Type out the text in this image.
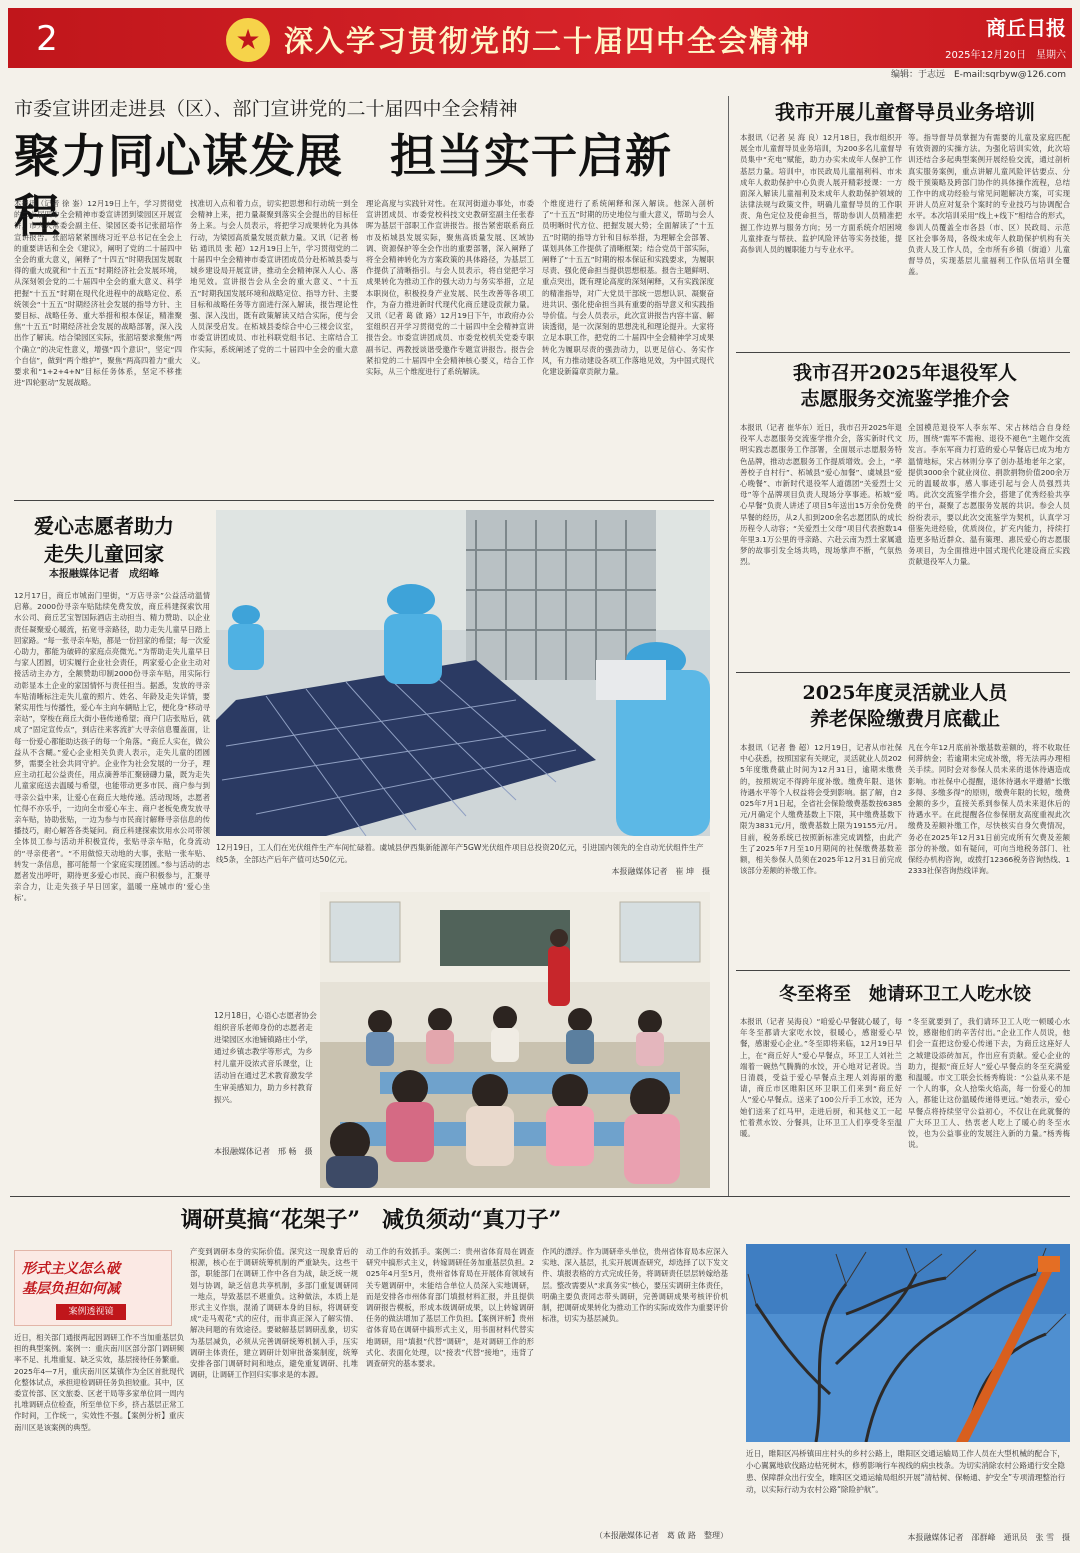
2	★ 深入学习贯彻党的二十届四中全会精神	商丘日报
2025年12月20日　星期六
编辑：于志远　E-mail:sqrbyw@126.com
市委宣讲团走进县（区）、部门宣讲党的二十届四中全会精神
聚力同心谋发展　担当实干启新程
本报讯（记者 徐 崟）12月19日上午，学习贯彻党的二十届四中全会精神市委宣讲团到梁园区开展宣讲，市人大常委会副主任、梁园区委书记张韶培作宣讲报告。张韶培紧紧围绕习近平总书记在全会上的重要讲话和全会《建议》，阐明了党的二十届四中全会的重大意义，阐释了“十四五”时期我国发展取得的重大成就和“十五五”时期经济社会发展环境，从深刻领会党的二十届四中全会的重大意义、科学把握“十五五”时期在现代化进程中的战略定位、系统领会“十五五”时期经济社会发展的指导方针、主要目标、战略任务、重大举措和根本保证，精准聚焦“十五五”时期经济社会发展的战略部署，深入浅出作了解读。结合梁园区实际，张韶培要求聚焦“两个确立”的决定性意义，增强“四个意识”，坚定“四个自信”，做到“两个维护”，聚焦“两高四着力”重大要求和“1+2+4+N”目标任务体系，坚定不移推进“四轮驱动”发展战略。
找准切入点和着力点，切实把思想和行动统一到全会精神上来，把力量凝聚到落实全会提出的目标任务上来。与会人员表示，将把学习成果转化为具体行动，为梁园高质量发展贡献力量。又讯（记者 杨 钻 通讯员 张 超）12月19日上午，学习贯彻党的二十届四中全会精神市委宣讲团成员分赴柘城县委与城乡建设局开展宣讲，推动全会精神深入人心、落地见效。宣讲报告会从全会的重大意义、“十五五”时期我国发展环境和战略定位、指导方针、主要目标和战略任务等方面进行深入解读，报告理论性强、深入浅出，既有政策解读又结合实际，使与会人员深受启发。在柘城县委综合中心三楼会议室，市委宣讲团成员、市社科联党组书记、主席结合工作实际，系统阐述了党的二十届四中全会的重大意义。
理论高度与实践针对性。在双河街道办事处，市委宣讲团成员、市委党校科技文史教研室副主任张春晖为基层干部职工作宣讲报告。报告紧密联系商丘市及柘城县发展实际，聚焦高质量发展、区域协调、资源保护等全会作出的重要部署，深入阐释了将全会精神转化为方案政策的具体路径，为基层工作提供了清晰指引。与会人员表示，将自觉把学习成果转化为推动工作的强大动力与务实举措，立足本职岗位，积极投身产业发展、民生改善等各项工作，为奋力推进新时代现代化商丘建设贡献力量。又讯（记者 葛 啟 路）12月19日下午，市政府办公室组织召开学习贯彻党的二十届四中全会精神宣讲报告会。市委宣讲团成员、市委党校机关党委专职副书记、两教授谈谐受邀作专题宣讲报告。报告会紧扣党的二十届四中全会精神核心要义，结合工作实际，从三个维度进行了系统解读。
个维度进行了系统阐释和深入解读。他深入剖析了“十五五”时期的历史地位与重大意义，帮助与会人员明晰时代方位、把握发展大势；全面解读了“十五五”时期的指导方针和目标举措，为理解全会部署、谋划具体工作提供了清晰框架；结合党员干部实际，阐释了“十五五”时期的根本保证和实践要求，为履职尽责、强化使命担当提供思想根基。报告主题鲜明、重点突出，既有理论高度的深刻阐释，又有实践深度的精准指导，对广大党员干部统一思想认识、凝聚奋进共识、强化使命担当具有重要的指导意义和实践指导价值。与会人员表示，此次宣讲报告内容丰富、解读透彻，是一次深刻的思想洗礼和理论提升。大家将立足本职工作，把党的二十届四中全会精神学习成果转化为履职尽责的强劲动力，以更足信心、务实作风，有力推动建设各项工作落地见效，为中国式现代化建设新篇章贡献力量。
爱心志愿者助力
走失儿童回家
本报融媒体记者　成绍峰
12月17日，商丘市城南门里街，“万店寻亲”公益活动温情启幕。2000份寻亲车贴陆续免费发放，商丘科建探索饮用水公司、商丘艺宝智国际酒店主动担当、精力赞助、以企业责任凝聚爱心暖流，拓宽寻亲路径，助力走失儿童早日踏上回家路。“每一张寻亲车贴，都是一份回家的希望；每一次爱心助力，都能为破碎的家庭点亮微光。”为帮助走失儿童早日与家人团圆，切实履行企业社会责任，两家爱心企业主动对接活动主办方，全额赞助印制2000份寻亲车贴，用实际行动彰显本土企业的家国情怀与责任担当。据悉，发放的寻亲车贴清晰标注走失儿童的照片、姓名、年龄及走失详情，要紧实用性与传播性，爱心车主向车辆贴上它，便化身“移动寻亲站”，穿梭在商丘大街小巷传递希望；商户门店张贴后，就成了“固定宣传点”，到店往来客流扩大寻亲信息覆盖面，让每一份爱心都能助达孩子的每一个角落。“商丘人实在，做公益从不含糊。”爱心企业相关负责人表示，走失儿童的团圆梦，需要全社会共同守护。企业作为社会发展的一分子，理应主动扛起公益责任，用点滴善举汇聚磅礴力量，既为走失儿童家庭送去温暖与希望，也能带动更多市民、商户参与到寻亲公益中来，让爱心在商丘大地传递。活动现场，志愿者忙得不亦乐乎，一边向全市爱心车主、商户老板免费发放寻亲车贴，协助张贴，一边为参与市民商讨解释寻亲信息的传播技巧，耐心解答各类疑问。商丘科建探索饮用水公司带领全体员工参与活动并积极宣传，张贴寻亲车贴，化身流动的“寻亲使者”。“不用做惊天动地的大事，张贴一张车贴、转发一条信息，都可能帮一个家庭实现团圆。”参与活动的志愿者发出呼吁，期待更多爱心市民、商户积极参与，汇聚寻亲合力，让走失孩子早日回家，温暖一座城市的‘爱心坐标’。
12月19日，工人们在光伏组件生产车间忙碌着。虞城县伊西集新能源年产5GW光伏组件项目总投资20亿元，引进国内领先的全自动光伏组件生产线5条，全部达产后年产值可达50亿元。
本报融媒体记者　崔 坤　摄
12月18日，心语心志愿者协会组织音乐老师身份的志愿者走进梁园区水池铺镇路庄小学，通过乡镇志教学等形式，为乡村儿童开设浓式音乐课堂，让活动旨在通过艺术教育激发学生审美感知力，助力乡村教育振兴。
本报融媒体记者　邢 畅　摄
我市开展儿童督导员业务培训
本报讯（记者 吴 海 良）12月18日，我市组织开展全市儿童督导员业务培训，为200多名儿童督导员集中“充电”赋能，助力办实未成年人保护工作基层力量。培训中，市民政局儿童福利科、市未成年人救助保护中心负责人展开精彩授课：一方面深入解读儿童福利及未成年人救助保护领域的法律法规与政策文件，明确儿童督导员的工作职责、角色定位及使命担当，帮助参训人员精准把握工作边界与服务方向；另一方面系统介绍困境儿童排查与帮扶、监护风险评估等实务技能，提高参训人员的履职能力与专业水平。
等。指导督导员掌握为有需要的儿童及家庭匹配有效资源的实操方法。为强化培训实效，此次培训还结合多起典型案例开展经验交流，通过剖析真实服务案例，重点讲解儿童风险评估要点、分级干预策略及跨部门协作的具体操作流程，总结工作中的成功经验与常见问题解决方案，可实现开讲人员应对复杂个案时的专业技巧与协调配合水平。本次培训采用“线上+线下”相结合的形式，参训人员覆盖全市各县（市、区）民政局、示范区社会事务局，各级未成年人救助保护机构有关负责人及工作人员，全市所有乡镇（街道）儿童督导员，实现基层儿童福利工作队伍培训全覆盖。
我市召开2025年退役军人
志愿服务交流鉴学推介会
本报讯（记者 崔华东）近日，我市召开2025年退役军人志愿服务交流鉴学推介会，落实新时代文明实践志愿服务工作部署，全面展示志愿服务特色品牌，推动志愿服务工作提质增效。会上，“孝善校子自村行”、柘城县“爱心加餐”、虞城县“爱心晚餐”、市新时代退役军人道德团“关爱烈士父母”等个品牌项目负责人现场分享事迹。柘城“爱心早餐”负责人讲述了项目5年送出15万余份免费早餐的经历，从2人扣到200余名志愿团队的成长历程令人动容；“关爱烈士父母”项目代表抱数14年里3.1万公里的寻亲路、六赴云南为烈士家属遗梦的故事引发全场共鸣，现场掌声不断，气氛热烈。
全国模范退役军人李东军、宋占林结合自身经历，围绕“需军不需袍、退役不褪色”主题作交流发言。李东军商力打造的爱心早餐店已成为地方温情地标，宋占林则分享了创办基地老年之家，提供3000余个就业岗位、捐款捐物价值200余万元的温暖故事，感人事迹引起与会人员强烈共鸣。此次交流鉴学推介会，搭建了优秀经验共享的平台，凝聚了志愿服务发展的共识。参会人员纷纷表示，要以此次交流鉴学为契机，认真学习借鉴先进经验，优质岗位，扩充内能力，持续打造更多贴近群众、温有策理、惠民爱心的志愿服务项目，为全面推进中国式现代化建设商丘实践贡献退役军人力量。
2025年度灵活就业人员
养老保险缴费月底截止
本报讯（记者 鲁 超）12月19日，记者从市社保中心获悉，按照国家有关规定，灵活就业人员2025年度缴费截止时间为12月31日，逾期未缴费的，按照规定不得跨年度补缴。缴费年限、退休待遇水平等个人权益将会受到影响。据了解，自2025年7月1日起，全省社会保险缴费基数按6385元/月确定个人缴费基数上下限，其中缴费基数下限为3831元/月，缴费基数上限为19155元/月。目前，税务系统已按照新标准完成调整，由此产生了2025年7月至10月期间的社保缴费基数差额，相关参保人员须在2025年12月31日前完成该部分差额的补缴工作。
凡在今年12月底前补缴基数差额的，将不收取任何滞纳金；若逾期未完成补缴，将无法再办理相关手续。同时会对参保人员未来的退休待遇造成影响。市社保中心提醒，退休待遇水平遵循“长缴多得、多缴多得”的原则，缴费年限的长短，缴费金额的多少，直接关系到参保人员未来退休后的待遇水平。在此提醒各位参保朋友高度重视此次缴费及差额补缴工作，尽快核实自身欠费情况，务必在2025年12月31日前完成所有欠费及差额部分的补缴。如有疑问，可向当地税务部门、社保经办机构咨询，或拨打12366税务咨询热线、12333社保咨询热线详询。
冬至将至　她请环卫工人吃水饺
本报讯（记者 吴海良）“咱爱心早餐就心暖了，每年冬至都请大家吃水饺，很暖心，感谢爱心早餐，感谢爱心企业。”冬至即将来临，12月19日早上，在“商丘好人”爱心早餐点，环卫工人刘社兰端着一碗热气腾腾的水饺，开心地对记者说。当日清晨，受益于爱心早餐点主理人刘海丽的邀请，商丘市区睢阳区环卫职工们来到“商丘好人”爱心早餐点。送来了100公斤手工水饺，还为她们送来了红马甲，走进后厨，和其他义工一起忙着煮水饺、分餐具，让环卫工人们享受冬至温暖。
“冬至就要到了，我们请环卫工人吃一顿暖心水饺，感谢他们的辛苦付出。”企业工作人员说，他们会一直把这份爱心传递下去，为商丘这座好人之城建设添砖加瓦，作出应有贡献。爱心企业的助力，提振“商丘好人”爱心早餐点的冬至充满爱和温暖。市文工联会长杨秀梅说：“公益从来不是一个人的事，众人拾柴火焰高，每一份爱心的加入，都能让这份温暖传递得更远。”她表示，爱心早餐点将持续坚守公益初心，不仅让在此就餐的广大环卫工人、热衷老人吃上了暖心的冬至水饺，也为公益事业的发展注入新的力量。”杨秀梅说。
近日，睢阳区冯桥镇田庄村头的乡村公路上，睢阳区交通运输局工作人员在大型机械的配合下，小心翼翼地砍伐路边枯死树木，修剪影响行车视线的病虫枝条。为切实消除农村公路通行安全隐患、保障群众出行安全，睢阳区交通运输局组织开展“清枯树、保畅通、护安全”专项清理整治行动，以实际行动为农村公路“除险护航”。
本报融媒体记者　邵群峰　通讯员　张 雪　摄
调研莫搞“花架子”　减负须动“真刀子”
形式主义怎么破
基层负担如何减
案例透视镜
近日，相关部门通报两起因调研工作不当加重基层负担的典型案例。案例一：重庆南川区部分部门调研频率不足、扎堆重复、缺乏实效，基层接待任务繁重。2025年4—7月，重庆南川区某镇作为全区首批现代化整体试点，承担迎检调研任务负担较重。其中，区委宣传部、区文旅委、区老干局等多家单位同一周内扎堆调研点位检查，所至单位下乡，挤占基层正常工作时间，工作统一，实效性不强。【案例分析】重庆南川区是该案例的典型。
产变到调研本身的实际价值。深究这一现象背后的根源，核心在于调研统筹机制的严重缺失。这些干部，职能部门在调研工作中各自为战，缺乏统一规划与协调，缺乏信息共享机制，多部门重复调研同一地点，导致基层不堪重负。这种做法，本质上是形式主义作祟，混淆了调研本身的目标，将调研变成“走马观花”式的应付，而非真正深入了解实情、解决问题的有效途径。要破解基层调研乱象，切实为基层减负，必须从完善调研统筹机制入手，压实调研主体责任，建立调研计划审批备案制度，统筹安排各部门调研时间和地点，避免重复调研、扎堆调研，让调研工作回归实事求是的本源。
动工作的有效抓手。案例二：贵州省体育局在调查研究中搞形式主义，转嫁调研任务加重基层负担。2025年4月至5月，贵州省体育局在开展体育领域有关专题调研中，未能结合单位人员深入实地调研，而是安排各市州体育部门填报材料汇报，并且提供调研报告模板，形成本级调研成果，以上转嫁调研任务的做法增加了基层工作负担。【案例评析】贵州省体育局在调研中搞形式主义，用书面材料代替实地调研，用“填报”代替“调研”，是对调研工作的形式化、表面化处理，以“接表”代替“接地”，违背了调查研究的基本要求。
作风的漂浮。作为调研牵头单位，贵州省体育局本应深入实地、深入基层，扎实开展调查研究，却选择了以下发文件、填报表格的方式完成任务，将调研责任层层转嫁给基层。整改需要从“求真务实”核心，要压实调研主体责任，明确主要负责同志带头调研，完善调研成果考核评价机制，把调研成果转化为推动工作的实际成效作为重要评价标准，切实为基层减负。
（本报融媒体记者　葛 啟 路　整理）
